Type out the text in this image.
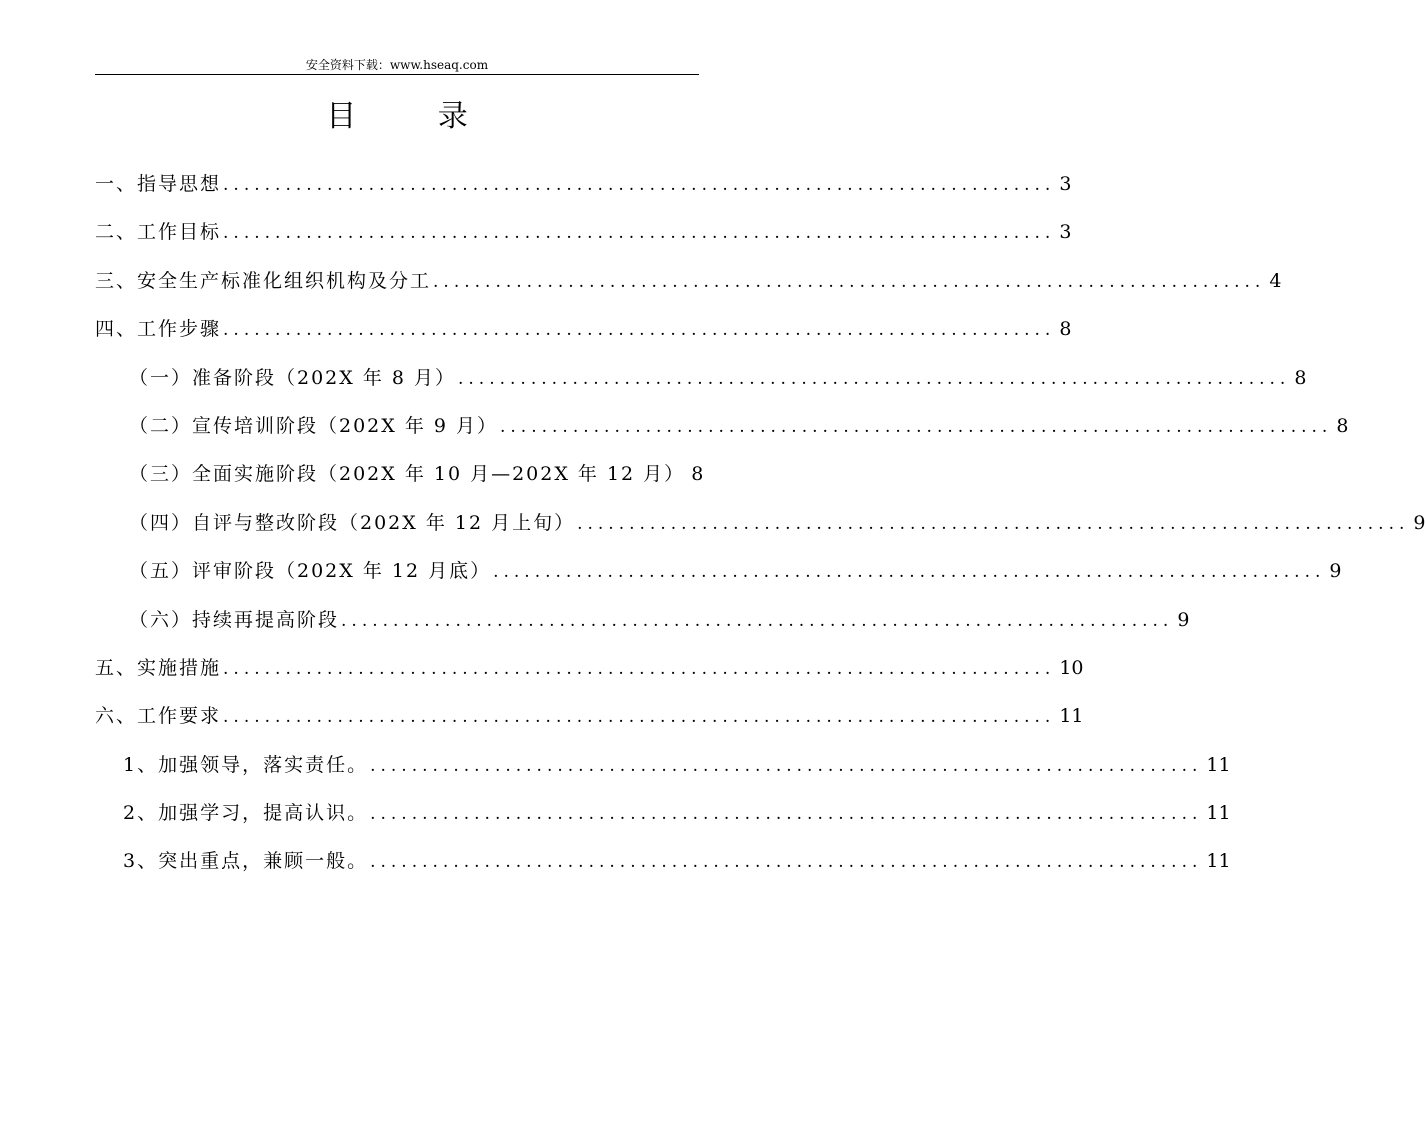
安全资料下载：www.hseaq.com
目 录
一、指导思想 ................................................................................ 3
二、工作目标 ................................................................................ 3
三、安全生产标准化组织机构及分工 ................................................................................ 4
四、工作步骤 ................................................................................ 8
（一）准备阶段（202X 年 8 月） ................................................................................ 8
（二）宣传培训阶段（202X 年 9 月） ................................................................................ 8
（三）全面实施阶段（202X 年 10 月—202X 年 12 月） 8
（四）自评与整改阶段（202X 年 12 月上旬） ................................................................................ 9
（五）评审阶段（202X 年 12 月底） ................................................................................ 9
（六）持续再提高阶段 ................................................................................ 9
五、实施措施 ................................................................................ 10
六、工作要求 ................................................................................ 11
1、加强领导，落实责任。 ................................................................................ 11
2、加强学习，提高认识。 ................................................................................ 11
3、突出重点，兼顾一般。 ................................................................................ 11
